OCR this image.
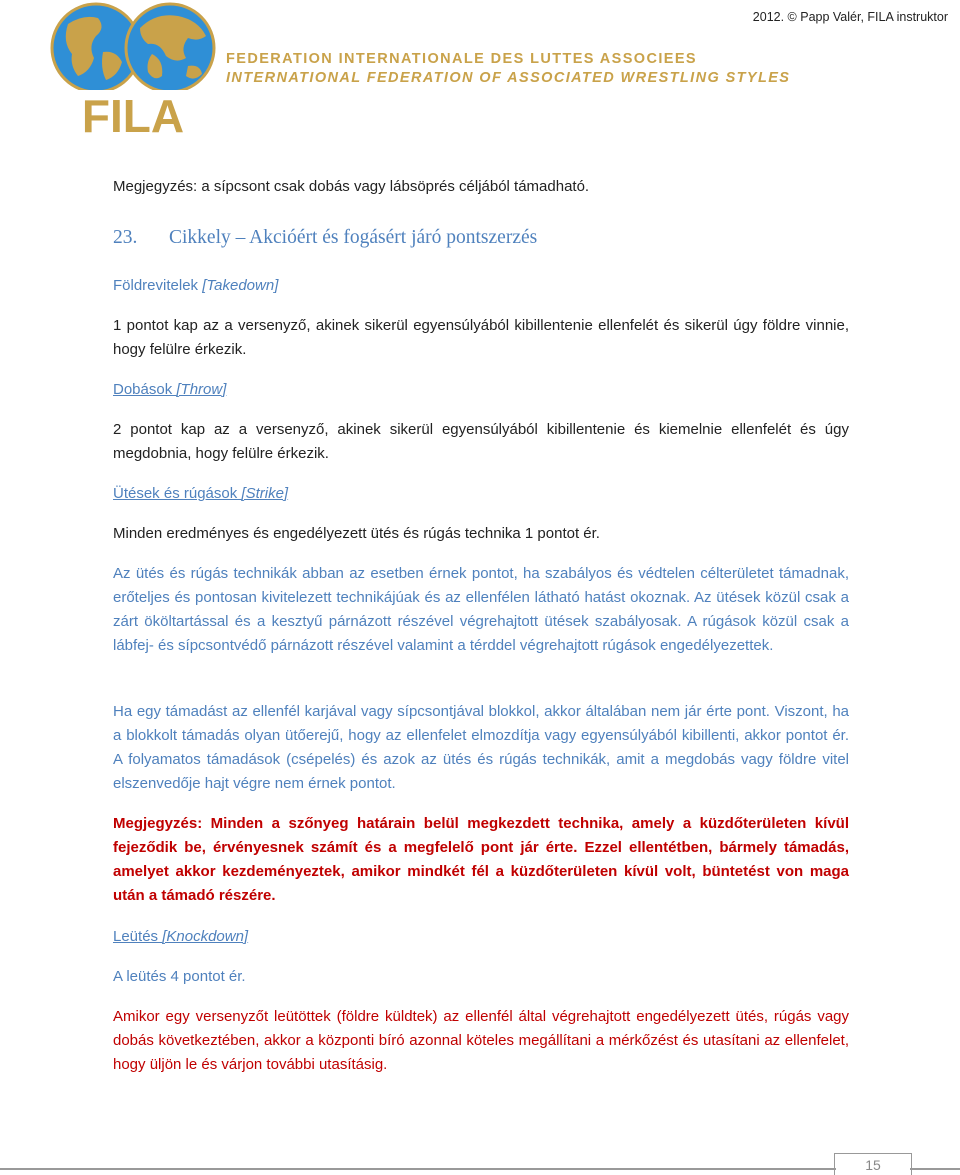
2012. © Papp Valér, FILA instruktor
FILA
FEDERATION INTERNATIONALE DES LUTTES ASSOCIEES
INTERNATIONAL FEDERATION OF ASSOCIATED WRESTLING STYLES

Megjegyzés: a sípcsont csak dobás vagy lábsöprés céljából támadható.

23. Cikkely – Akcióért és fogásért járó pontszerzés

Földrevitelek [Takedown]

1 pontot kap az a versenyző, akinek sikerül egyensúlyából kibillentenie ellenfelét és sikerül úgy földre vinnie, hogy felülre érkezik.

Dobások [Throw]

2 pontot kap az a versenyző, akinek sikerül egyensúlyából kibillentenie és kiemelnie ellenfelét és úgy megdobnia, hogy felülre érkezik.

Ütések és rúgások [Strike]

Minden eredményes és engedélyezett ütés és rúgás technika 1 pontot ér.

Az ütés és rúgás technikák abban az esetben érnek pontot, ha szabályos és védtelen célterületet támadnak, erőteljes és pontosan kivitelezett technikájúak és az ellenfélen látható hatást okoznak. Az ütések közül csak a zárt ököltartással és a kesztyű párnázott részével végrehajtott ütések szabályosak. A rúgások közül csak a lábfej- és sípcsontvédő párnázott részével valamint a térddel végrehajtott rúgások engedélyezettek.

Ha egy támadást az ellenfél karjával vagy sípcsontjával blokkol, akkor általában nem jár érte pont. Viszont, ha a blokkolt támadás olyan ütőerejű, hogy az ellenfelet elmozdítja vagy egyensúlyából kibillenti, akkor pontot ér. A folyamatos támadások (csépelés) és azok az ütés és rúgás technikák, amit a megdobás vagy földre vitel elszenvedője hajt végre nem érnek pontot.

Megjegyzés: Minden a szőnyeg határain belül megkezdett technika, amely a küzdőterületen kívül fejeződik be, érvényesnek számít és a megfelelő pont jár érte. Ezzel ellentétben, bármely támadás, amelyet akkor kezdeményeztek, amikor mindkét fél a küzdőterületen kívül volt, büntetést von maga után a támadó részére.

Leütés [Knockdown]

A leütés 4 pontot ér.

Amikor egy versenyzőt leütöttek (földre küldtek) az ellenfél által végrehajtott engedélyezett ütés, rúgás vagy dobás következtében, akkor a központi bíró azonnal köteles megállítani a mérkőzést és utasítani az ellenfelet, hogy üljön le és várjon további utasításig.

15
